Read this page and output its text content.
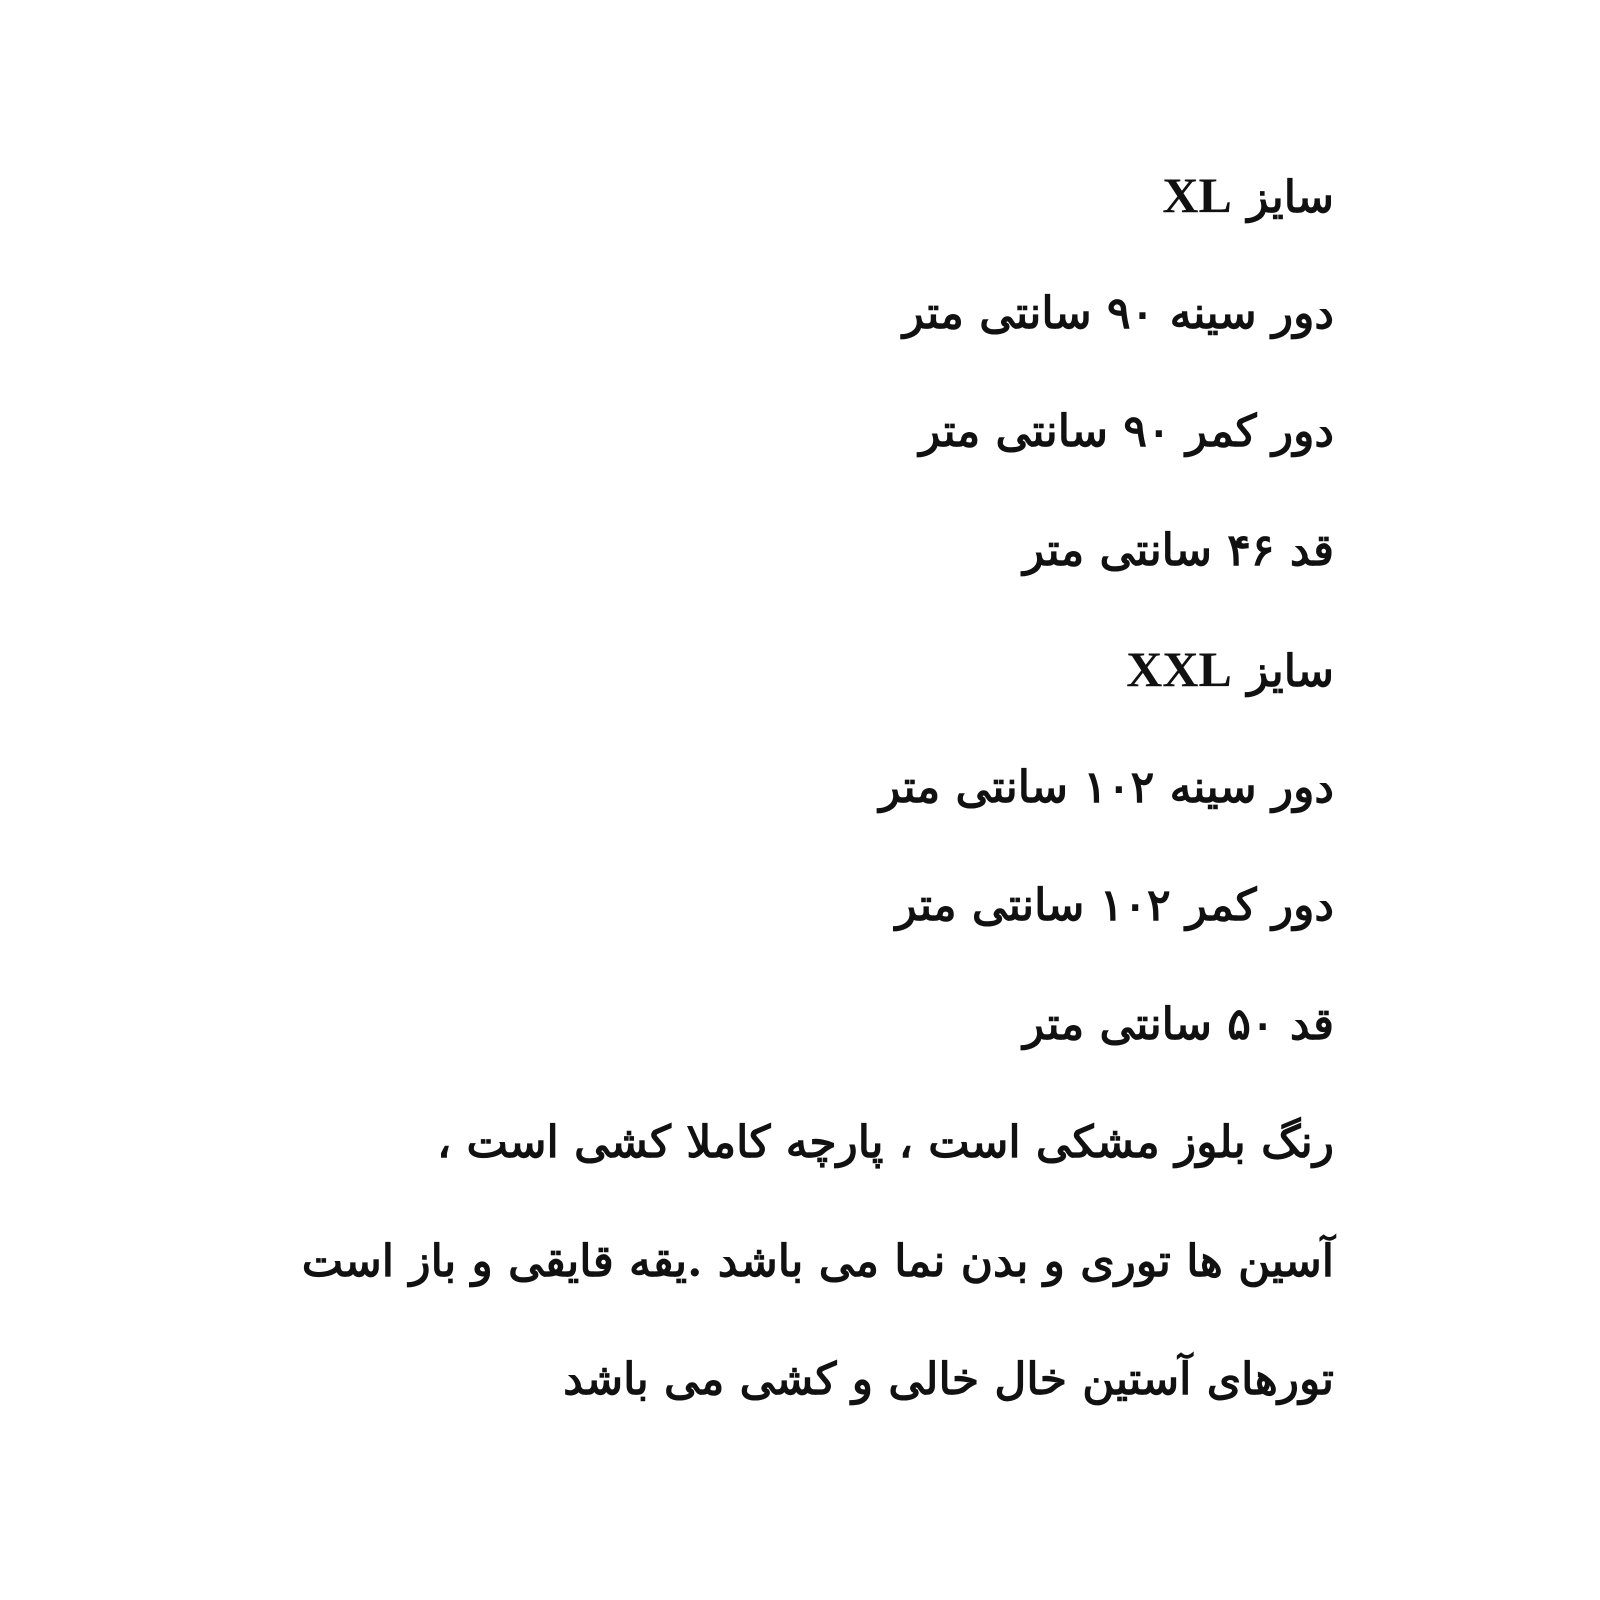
سایز XL
دور سینه ۹۰ سانتی متر
دور کمر ۹۰ سانتی متر
قد ۴۶ سانتی متر
سایز XXL
دور سینه ۱۰۲ سانتی متر
دور کمر ۱۰۲ سانتی متر
قد ۵۰ سانتی متر
رنگ بلوز مشکی است ، پارچه کاملا کشی است ،
آسین ها توری و بدن نما می باشد .یقه قایقی و باز است
تورهای آستین خال خالی و کشی می باشد
